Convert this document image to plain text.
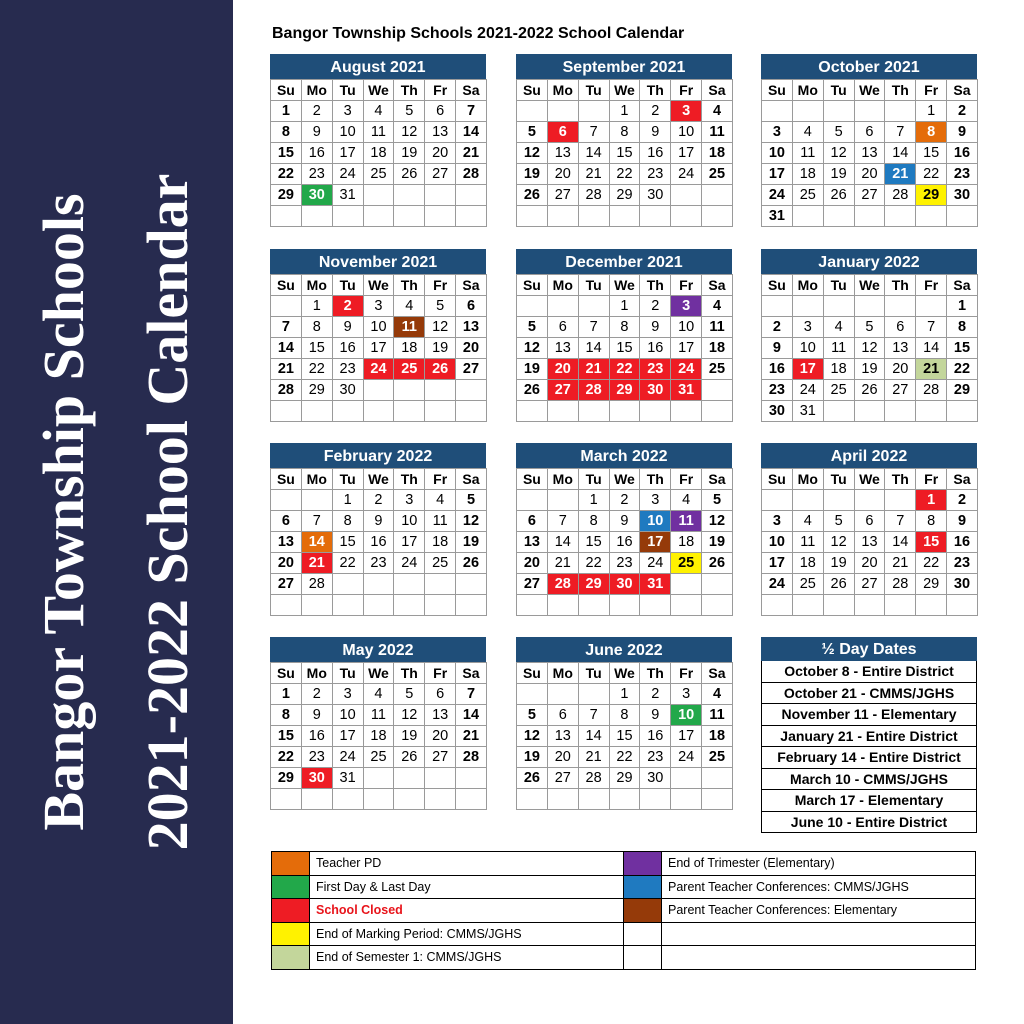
Bangor Township Schools 2021-2022 School Calendar
Bangor Township Schools 2021-2022 School Calendar
August 2021
Su	Mo	Tu	We	Th	Fr	Sa
1	2	3	4	5	6	7
8	9	10	11	12	13	14
15	16	17	18	19	20	21
22	23	24	25	26	27	28
29	30	31				

September 2021
Su	Mo	Tu	We	Th	Fr	Sa
			1	2	3	4
5	6	7	8	9	10	11
12	13	14	15	16	17	18
19	20	21	22	23	24	25
26	27	28	29	30		

October 2021
Su	Mo	Tu	We	Th	Fr	Sa
					1	2
3	4	5	6	7	8	9
10	11	12	13	14	15	16
17	18	19	20	21	22	23
24	25	26	27	28	29	30
31						
November 2021
Su	Mo	Tu	We	Th	Fr	Sa
	1	2	3	4	5	6
7	8	9	10	11	12	13
14	15	16	17	18	19	20
21	22	23	24	25	26	27
28	29	30				

December 2021
Su	Mo	Tu	We	Th	Fr	Sa
			1	2	3	4
5	6	7	8	9	10	11
12	13	14	15	16	17	18
19	20	21	22	23	24	25
26	27	28	29	30	31	

January 2022
Su	Mo	Tu	We	Th	Fr	Sa
						1
2	3	4	5	6	7	8
9	10	11	12	13	14	15
16	17	18	19	20	21	22
23	24	25	26	27	28	29
30	31					
February 2022
Su	Mo	Tu	We	Th	Fr	Sa
		1	2	3	4	5
6	7	8	9	10	11	12
13	14	15	16	17	18	19
20	21	22	23	24	25	26
27	28					

March 2022
Su	Mo	Tu	We	Th	Fr	Sa
		1	2	3	4	5
6	7	8	9	10	11	12
13	14	15	16	17	18	19
20	21	22	23	24	25	26
27	28	29	30	31		

April 2022
Su	Mo	Tu	We	Th	Fr	Sa
					1	2
3	4	5	6	7	8	9
10	11	12	13	14	15	16
17	18	19	20	21	22	23
24	25	26	27	28	29	30

May 2022
Su	Mo	Tu	We	Th	Fr	Sa
1	2	3	4	5	6	7
8	9	10	11	12	13	14
15	16	17	18	19	20	21
22	23	24	25	26	27	28
29	30	31				

June 2022
Su	Mo	Tu	We	Th	Fr	Sa
			1	2	3	4
5	6	7	8	9	10	11
12	13	14	15	16	17	18
19	20	21	22	23	24	25
26	27	28	29	30		

½ Day Dates
October 8 - Entire District
October 21 - CMMS/JGHS
November 11 - Elementary
January 21 - Entire District
February 14 - Entire District
March 10 - CMMS/JGHS
March 17 - Elementary
June 10 - Entire District
	Teacher PD		End of Trimester (Elementary)
	First Day & Last Day		Parent Teacher Conferences: CMMS/JGHS
	School Closed		Parent Teacher Conferences: Elementary
	End of Marking Period: CMMS/JGHS		
	End of Semester 1: CMMS/JGHS		
